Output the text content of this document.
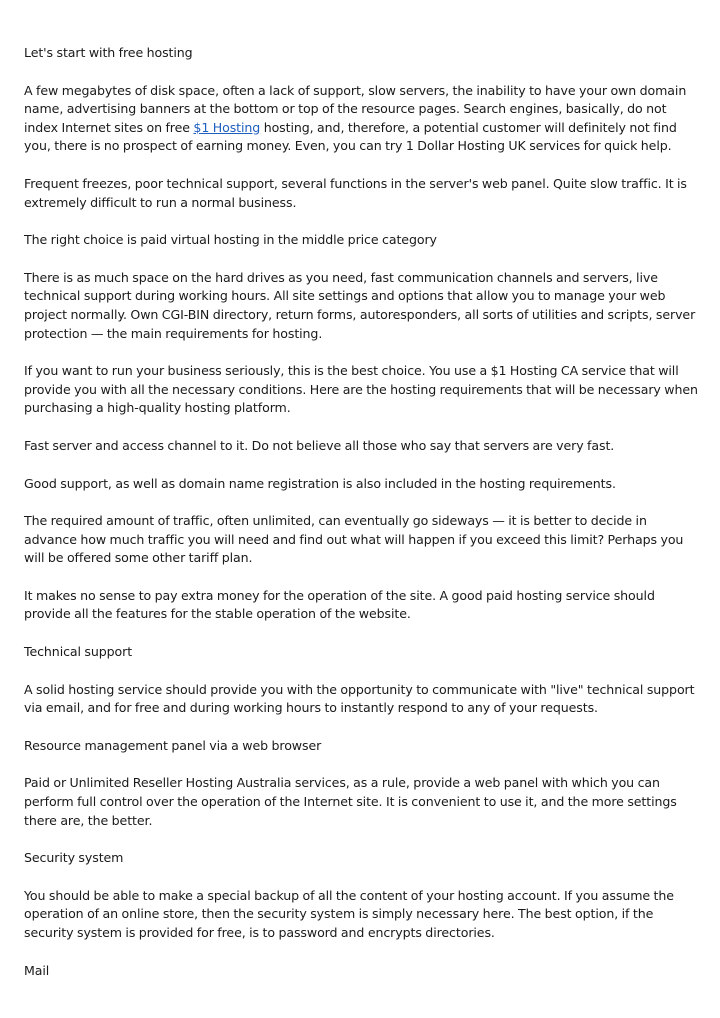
Let's start with free hosting

A few megabytes of disk space, often a lack of support, slow servers, the inability to have your own domain name, advertising banners at the bottom or top of the resource pages. Search engines, basically, do not index Internet sites on free $1 Hosting hosting, and, therefore, a potential customer will definitely not find you, there is no prospect of earning money. Even, you can try 1 Dollar Hosting UK services for quick help.

Frequent freezes, poor technical support, several functions in the server's web panel. Quite slow traffic. It is extremely difficult to run a normal business.

The right choice is paid virtual hosting in the middle price category

There is as much space on the hard drives as you need, fast communication channels and servers, live technical support during working hours. All site settings and options that allow you to manage your web project normally. Own CGI-BIN directory, return forms, autoresponders, all sorts of utilities and scripts, server protection — the main requirements for hosting.

If you want to run your business seriously, this is the best choice. You use a $1 Hosting CA service that will provide you with all the necessary conditions. Here are the hosting requirements that will be necessary when purchasing a high-quality hosting platform.

Fast server and access channel to it. Do not believe all those who say that servers are very fast.

Good support, as well as domain name registration is also included in the hosting requirements.

The required amount of traffic, often unlimited, can eventually go sideways — it is better to decide in advance how much traffic you will need and find out what will happen if you exceed this limit? Perhaps you will be offered some other tariff plan.

It makes no sense to pay extra money for the operation of the site. A good paid hosting service should provide all the features for the stable operation of the website.

Technical support

A solid hosting service should provide you with the opportunity to communicate with "live" technical support via email, and for free and during working hours to instantly respond to any of your requests.

Resource management panel via a web browser

Paid or Unlimited Reseller Hosting Australia services, as a rule, provide a web panel with which you can perform full control over the operation of the Internet site. It is convenient to use it, and the more settings there are, the better.

Security system

You should be able to make a special backup of all the content of your hosting account. If you assume the operation of an online store, then the security system is simply necessary here. The best option, if the security system is provided for free, is to password and encrypts directories.

Mail
